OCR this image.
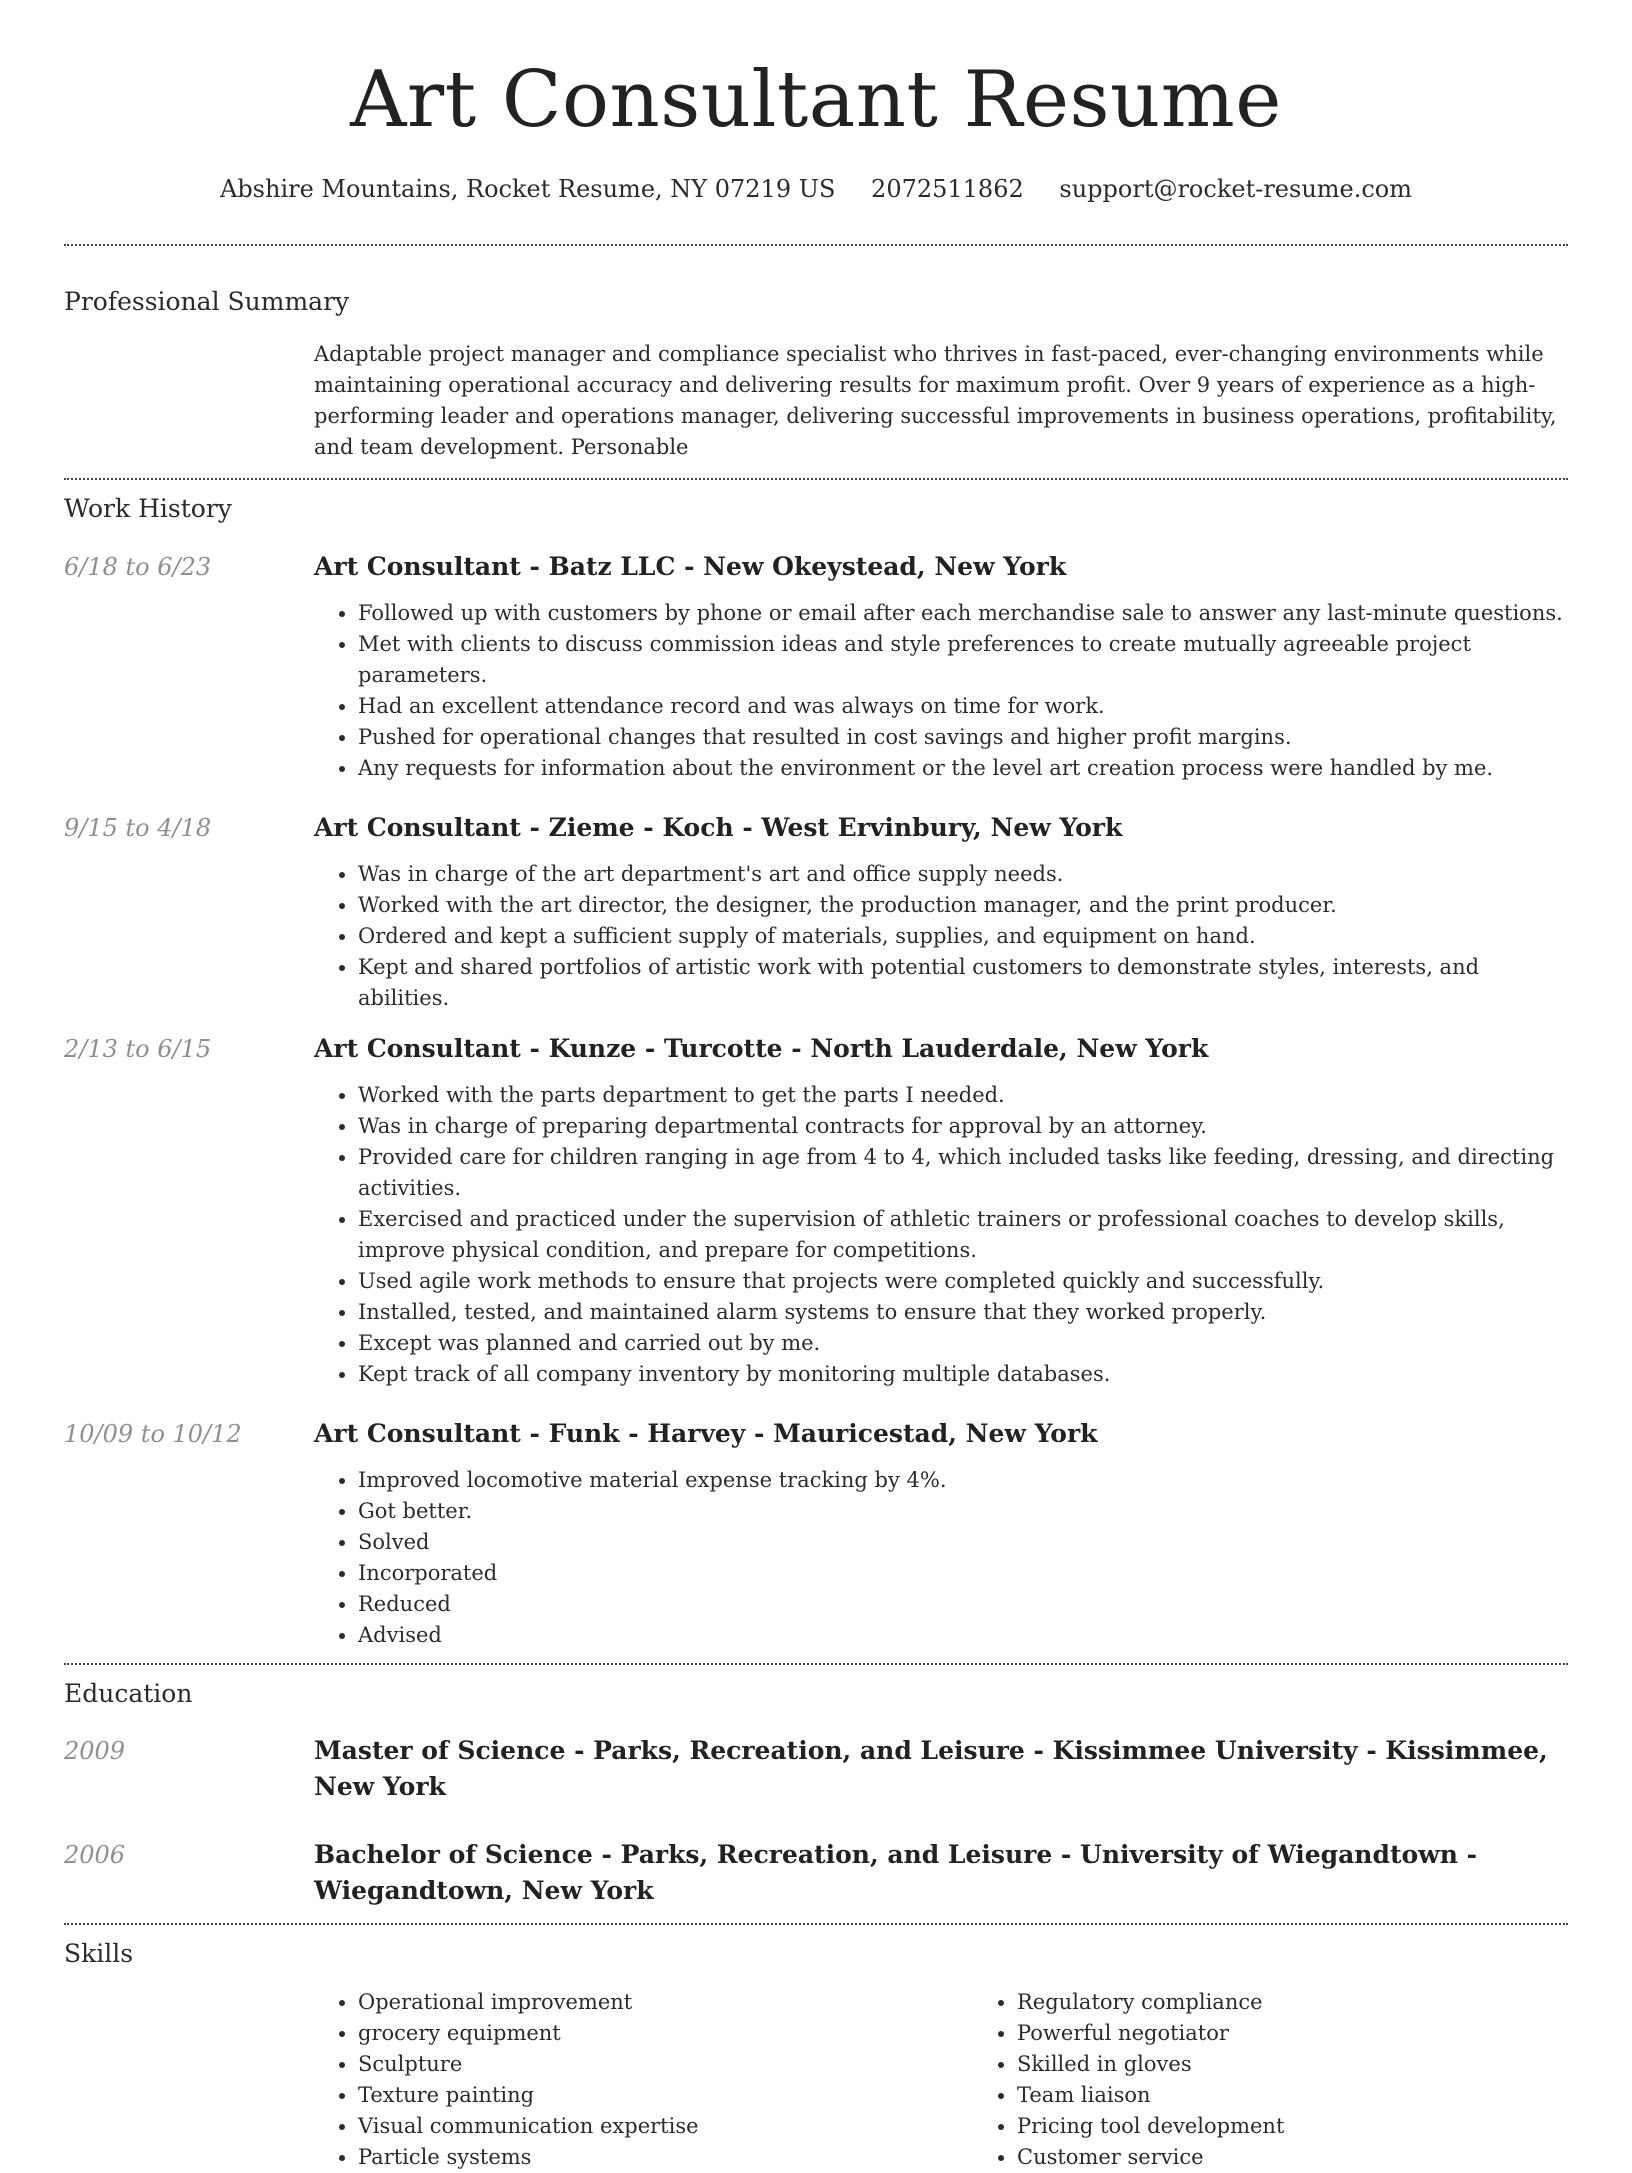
Art Consultant Resume
Abshire Mountains, Rocket Resume, NY 07219 US 2072511862 support@rocket-resume.com
Professional Summary

Adaptable project manager and compliance specialist who thrives in fast-paced, ever-changing environments while maintaining operational accuracy and delivering results for maximum profit. Over 9 years of experience as a high-performing leader and operations manager, delivering successful improvements in business operations, profitability, and team development. Personable

Work History
6/18 to 6/23	Art Consultant - Batz LLC - New Okeystead, New York
• Followed up with customers by phone or email after each merchandise sale to answer any last-minute questions.
• Met with clients to discuss commission ideas and style preferences to create mutually agreeable project parameters.
• Had an excellent attendance record and was always on time for work.
• Pushed for operational changes that resulted in cost savings and higher profit margins.
• Any requests for information about the environment or the level art creation process were handled by me.
9/15 to 4/18	Art Consultant - Zieme - Koch - West Ervinbury, New York
• Was in charge of the art department's art and office supply needs.
• Worked with the art director, the designer, the production manager, and the print producer.
• Ordered and kept a sufficient supply of materials, supplies, and equipment on hand.
• Kept and shared portfolios of artistic work with potential customers to demonstrate styles, interests, and abilities.
2/13 to 6/15	Art Consultant - Kunze - Turcotte - North Lauderdale, New York
• Worked with the parts department to get the parts I needed.
• Was in charge of preparing departmental contracts for approval by an attorney.
• Provided care for children ranging in age from 4 to 4, which included tasks like feeding, dressing, and directing activities.
• Exercised and practiced under the supervision of athletic trainers or professional coaches to develop skills, improve physical condition, and prepare for competitions.
• Used agile work methods to ensure that projects were completed quickly and successfully.
• Installed, tested, and maintained alarm systems to ensure that they worked properly.
• Except was planned and carried out by me.
• Kept track of all company inventory by monitoring multiple databases.
10/09 to 10/12	Art Consultant - Funk - Harvey - Mauricestad, New York
• Improved locomotive material expense tracking by 4%.
• Got better.
• Solved
• Incorporated
• Reduced
• Advised
Education
2009	Master of Science - Parks, Recreation, and Leisure - Kissimmee University - Kissimmee, New York
2006	Bachelor of Science - Parks, Recreation, and Leisure - University of Wiegandtown - Wiegandtown, New York
Skills
• Operational improvement
• grocery equipment
• Sculpture
• Texture painting
• Visual communication expertise
• Particle systems
• Regulatory compliance
• Powerful negotiator
• Skilled in gloves
• Team liaison
• Pricing tool development
• Customer service
